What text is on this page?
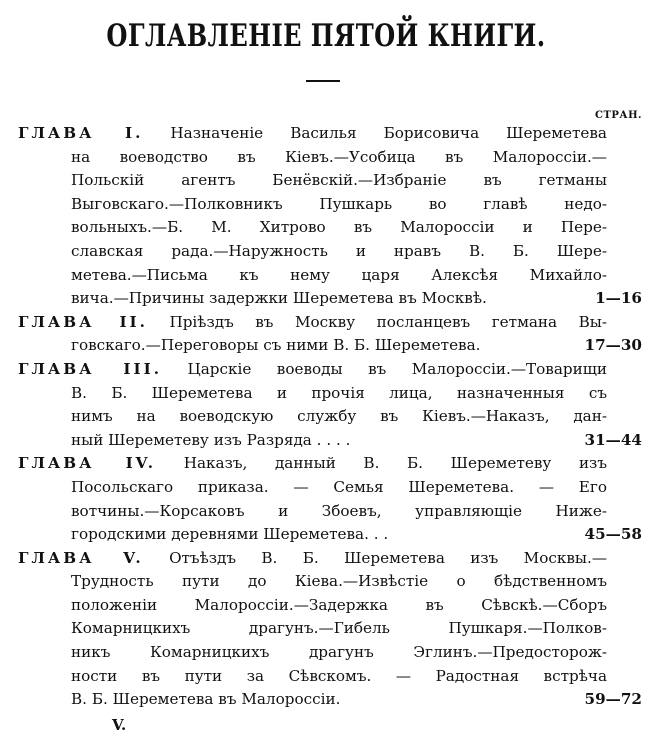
ОГЛАВЛЕНІЕ ПЯТОЙ КНИГИ.
СТРАН.
ГЛАВА I. Назначеніе Василья Борисовича Шереметева
на воеводство въ Кіевъ.—Усобица въ Малороссіи.—
Польскій агентъ Бенёвскій.—Избраніе въ гетманы
Выговскаго.—Полковникъ Пушкарь во главѣ недо-
вольныхъ.—Б. М. Хитрово въ Малороссіи и Пере-
славская рада.—Наружность и нравъ В. Б. Шере-
метева.—Письма къ нему царя Алексѣя Михайло-
вича.—Причины задержки Шереметева въ Москвѣ.	1—16
ГЛАВА II. Пріѣздъ въ Москву посланцевъ гетмана Вы-
говскаго.—Переговоры съ ними В. Б. Шереметева.	17—30
ГЛАВА III. Царскіе воеводы въ Малороссіи.—Товарищи
В. Б. Шереметева и прочія лица, назначенныя съ
нимъ на воеводскую службу въ Кіевъ.—Наказъ, дан-
ный Шереметеву изъ Разряда . . . .	31—44
ГЛАВА IV. Наказъ, данный В. Б. Шереметеву изъ
Посольскаго приказа. — Семья Шереметева. — Его
вотчины.—Корсаковъ и Збоевъ, управляющіе Нижe-
городскими деревнями Шереметева. . .	45—58
ГЛАВА V. Отъѣздъ В. Б. Шереметева изъ Москвы.—
Трудность пути до Кіева.—Извѣстіе о бѣдственномъ
положеніи Малороссіи.—Задержка въ Сѣвскѣ.—Сборъ
Комарницкихъ драгунъ.—Гибель Пушкаря.—Полков-
никъ Комарницкихъ драгунъ Эглинъ.—Предосторож-
ности въ пути за Сѣвскомъ. — Радостная встрѣча
В. Б. Шереметева въ Малороссіи.	59—72
V.
